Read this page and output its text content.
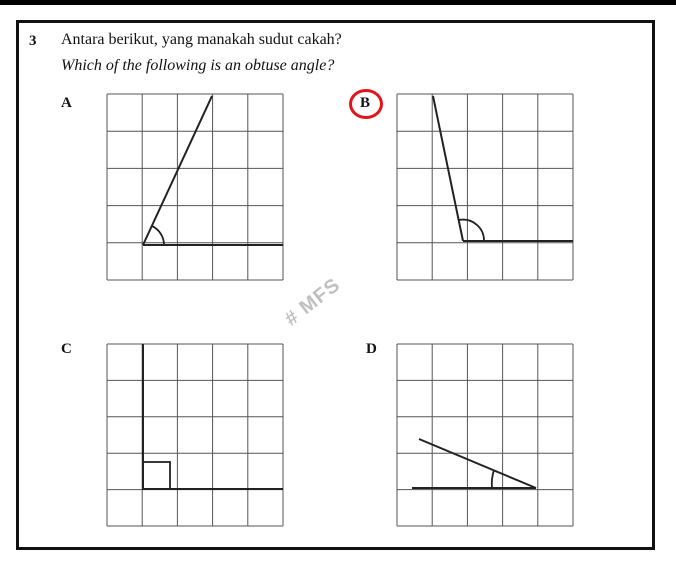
3 Antara berikut, yang manakah sudut cakah?
Which of the following is an obtuse angle?
A	B
C	D
# MFS
